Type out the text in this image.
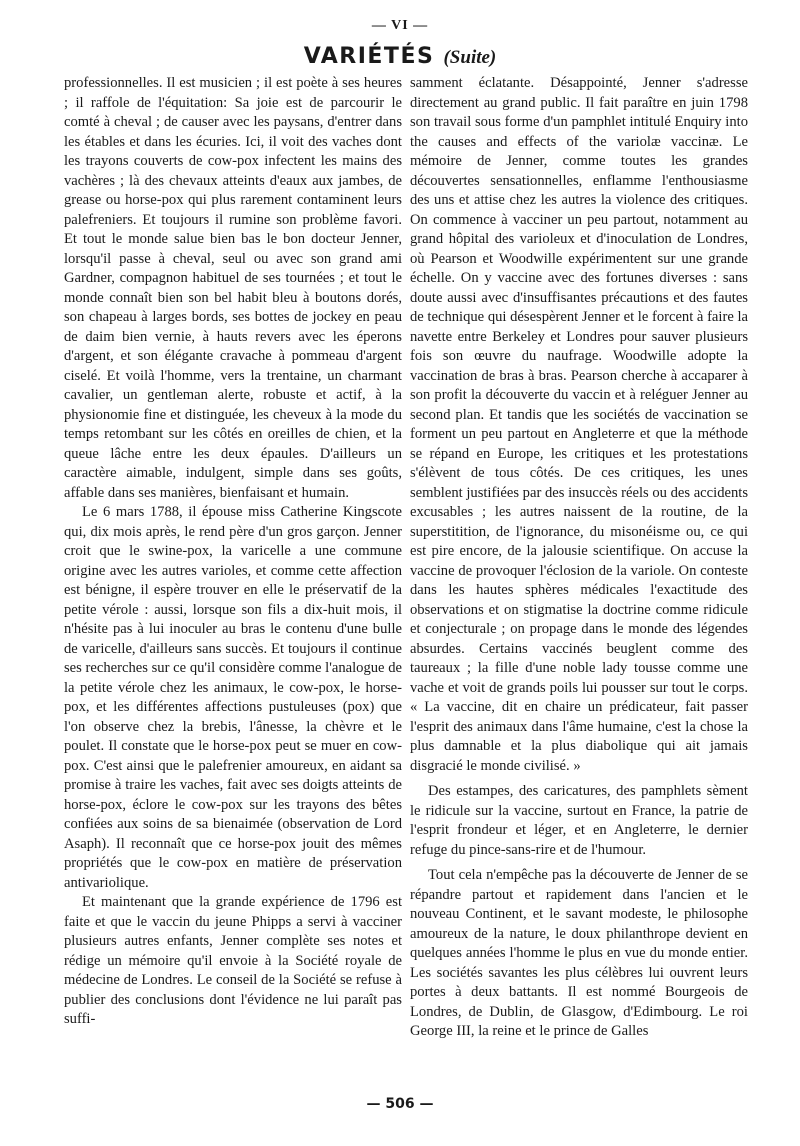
— VI —
VARIÉTÉS (Suite)

professionnelles. Il est musicien ; il est poète à ses heures ; il raffole de l'équitation: Sa joie est de parcourir le comté à cheval ; de causer avec les paysans, d'entrer dans les étables et dans les écuries. Ici, il voit des vaches dont les trayons couverts de cow-pox infectent les mains des vachères ; là des chevaux atteints d'eaux aux jambes, de grease ou horse-pox qui plus rarement contaminent leurs palefreniers. Et toujours il rumine son problème favori. Et tout le monde salue bien bas le bon docteur Jenner, lorsqu'il passe à cheval, seul ou avec son grand ami Gardner, compagnon habituel de ses tournées ; et tout le monde connaît bien son bel habit bleu à boutons dorés, son chapeau à larges bords, ses bottes de jockey en peau de daim bien vernie, à hauts revers avec les éperons d'argent, et son élégante cravache à pommeau d'argent ciselé. Et voilà l'homme, vers la trentaine, un charmant cavalier, un gentleman alerte, robuste et actif, à la physionomie fine et distinguée, les cheveux à la mode du temps retombant sur les côtés en oreilles de chien, et la queue lâche entre les deux épaules. D'ailleurs un caractère aimable, indulgent, simple dans ses goûts, affable dans ses manières, bienfaisant et humain.

Le 6 mars 1788, il épouse miss Catherine Kingscote qui, dix mois après, le rend père d'un gros garçon. Jenner croit que le swine-pox, la varicelle a une commune origine avec les autres varioles, et comme cette affection est bénigne, il espère trouver en elle le préservatif de la petite vérole : aussi, lorsque son fils a dix-huit mois, il n'hésite pas à lui inoculer au bras le contenu d'une bulle de varicelle, d'ailleurs sans succès. Et toujours il continue ses recherches sur ce qu'il considère comme l'analogue de la petite vérole chez les animaux, le cow-pox, le horse-pox, et les différentes affections pustuleuses (pox) que l'on observe chez la brebis, l'ânesse, la chèvre et le poulet. Il constate que le horse-pox peut se muer en cow-pox. C'est ainsi que le palefrenier amoureux, en aidant sa promise à traire les vaches, fait avec ses doigts atteints de horse-pox, éclore le cow-pox sur les trayons des bêtes confiées aux soins de sa bienaimée (observation de Lord Asaph). Il reconnaît que ce horse-pox jouit des mêmes propriétés que le cow-pox en matière de préservation antivariolique.

Et maintenant que la grande expérience de 1796 est faite et que le vaccin du jeune Phipps a servi à vacciner plusieurs autres enfants, Jenner complète ses notes et rédige un mémoire qu'il envoie à la Société royale de médecine de Londres. Le conseil de la Société se refuse à publier des conclusions dont l'évidence ne lui paraît pas suffi-

samment éclatante. Désappointé, Jenner s'adresse directement au grand public. Il fait paraître en juin 1798 son travail sous forme d'un pamphlet intitulé Enquiry into the causes and effects of the variolæ vaccinæ. Le mémoire de Jenner, comme toutes les grandes découvertes sensationnelles, enflamme l'enthousiasme des uns et attise chez les autres la violence des critiques. On commence à vacciner un peu partout, notamment au grand hôpital des varioleux et d'inoculation de Londres, où Pearson et Woodwille expérimentent sur une grande échelle. On y vaccine avec des fortunes diverses : sans doute aussi avec d'insuffisantes précautions et des fautes de technique qui désespèrent Jenner et le forcent à faire la navette entre Berkeley et Londres pour sauver plusieurs fois son œuvre du naufrage. Woodwille adopte la vaccination de bras à bras. Pearson cherche à accaparer à son profit la découverte du vaccin et à reléguer Jenner au second plan. Et tandis que les sociétés de vaccination se forment un peu partout en Angleterre et que la méthode se répand en Europe, les critiques et les protestations s'élèvent de tous côtés. De ces critiques, les unes semblent justifiées par des insuccès réels ou des accidents excusables ; les autres naissent de la routine, de la superstitition, de l'ignorance, du misonéisme ou, ce qui est pire encore, de la jalousie scientifique. On accuse la vaccine de provoquer l'éclosion de la variole. On conteste dans les hautes sphères médicales l'exactitude des observations et on stigmatise la doctrine comme ridicule et conjecturale ; on propage dans le monde des légendes absurdes. Certains vaccinés beuglent comme des taureaux ; la fille d'une noble lady tousse comme une vache et voit de grands poils lui pousser sur tout le corps. « La vaccine, dit en chaire un prédicateur, fait passer l'esprit des animaux dans l'âme humaine, c'est la chose la plus damnable et la plus diabolique qui ait jamais disgracié le monde civilisé. »

Des estampes, des caricatures, des pamphlets sèment le ridicule sur la vaccine, surtout en France, la patrie de l'esprit frondeur et léger, et en Angleterre, le dernier refuge du pince-sans-rire et de l'humour.

Tout cela n'empêche pas la découverte de Jenner de se répandre partout et rapidement dans l'ancien et le nouveau Continent, et le savant modeste, le philosophe amoureux de la nature, le doux philanthrope devient en quelques années l'homme le plus en vue du monde entier. Les sociétés savantes les plus célèbres lui ouvrent leurs portes à deux battants. Il est nommé Bourgeois de Londres, de Dublin, de Glasgow, d'Edimbourg. Le roi George III, la reine et le prince de Galles

— 506 —
